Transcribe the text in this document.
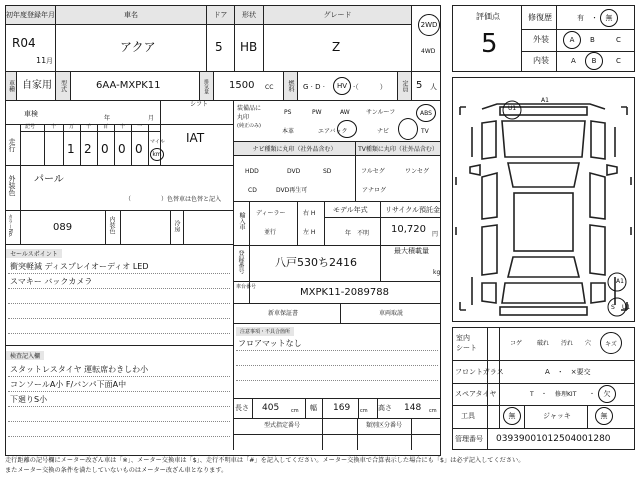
初年度登録年月	車名	ドア	形状	グレード
R04
11 月
アクア	5 HB	Z
2WD
4WD
車種	型式	排気量	燃料	定員
自家用	6AA-MXPK11	1500 CC	G · D ·	HV ·（　　　）	5 人
車検
年	月
シフト
IAT
走行
記号	十	万 千 百 十 一
1 2 0 0 0 マイル
km
外装色 パール
（　　　　　）色替車は色替と記入
カラーNo.	089	内装色	冷房
セールスポイント
衝突軽減 ディスプレイオーディオ LED
スマキー バックカメラ
検査記入欄
スタットレスタイヤ 運転席わきしわ小
コンソールA小 F/バンパ下面A中
下廻りS小
装備品に
丸印
(純正のみ)
PS	PW	AW	サンルーフ	ABS
本革	エアバック	ナビ	TV
ナビ種類に丸印（社外品含む）	TV種類に丸印（社外品含む）
HDD	DVD	SD
CD	DVD再生可
フルセグ	ワンセグ
アナログ
輸入車 ディーラー
並行
右 H
左 H
モデル年式
年　不明
リサイクル預託金
10,720 円
登録番号	八戸530ち2416
最大積載量
kg
車台番号	MXPK11-2089788
新車保証書	車両取説
注意事項・不具合箇所
フロアマットなし
長さ 405 cm 幅 169 cm 高さ 148 cm
型式指定番号	類別区分番号
評価点
5
修復歴	有 ・	無
外装	A	B	C
内装	A	B	C
A1
U1
A1
S U1
室内
シート
コゲ 破れ 汚れ 穴	キズ
フロントガラス	A　・　×要交
スペアタイヤ	T ・ 修理KIT ・	欠
工具	無	ジャッキ	無
管理番号 0393900101250400128​0
走行距離の記号欄にメーター改ざん車は「※」、メーター交換車は「$」、走行不明車は「#」を記入してください。メーター交換車で合算表示した場合にも「$」は必ず記入してください。
またメーター交換の条件を満たしていないものはメーター改ざん車となります。
